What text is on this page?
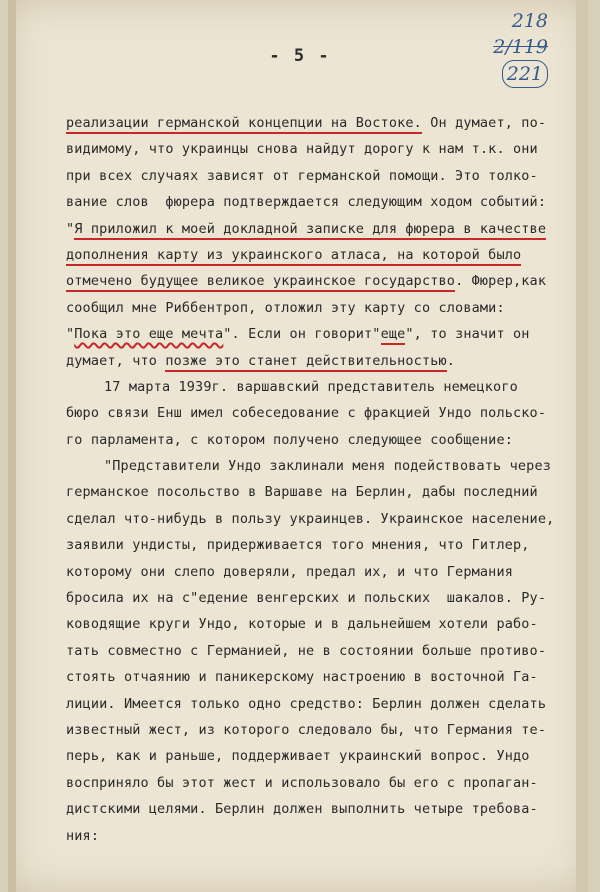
218
2/119
221
- 5 -
реализации германской концепции на Востоке. Он думает, по-
видимому, что украинцы снова найдут дорогу к нам т.к. они
при всех случаях зависят от германской помощи. Это толко-
вание слов  фюрера подтверждается следующим ходом событий:
"Я приложил к моей докладной записке для фюрера в качестве
дополнения карту из украинского атласа, на которой было
отмечено будущее великое украинское государство. Фюрер,как
сообщил мне Риббентроп, отложил эту карту со словами:
"Пока это еще мечта". Если он говорит"еще", то значит он
думает, что позже это станет действительностью.
17 марта 1939г. варшавский представитель немецкого
бюро связи Енш имел собеседование с фракцией Ундо польско-
го парламента, с котором получено следующее сообщение:
"Представители Ундо заклинали меня подействовать через
германское посольство в Варшаве на Берлин, дабы последний
сделал что-нибудь в пользу украинцев. Украинское население,
заявили ундисты, придерживается того мнения, что Гитлер,
которому они слепо доверяли, предал их, и что Германия
бросила их на с"едение венгерских и польских  шакалов. Ру-
ководящие круги Ундо, которые и в дальнейшем хотели рабо-
тать совместно с Германией, не в состоянии больше противо-
стоять отчаянию и паникерскому настроению в восточной Га-
лиции. Имеется только одно средство: Берлин должен сделать
известный жест, из которого следовало бы, что Германия те-
перь, как и раньше, поддерживает украинский вопрос. Ундо
восприняло бы этот жест и использовало бы его с пропаган-
дистскими целями. Берлин должен выполнить четыре требова-
ния:
